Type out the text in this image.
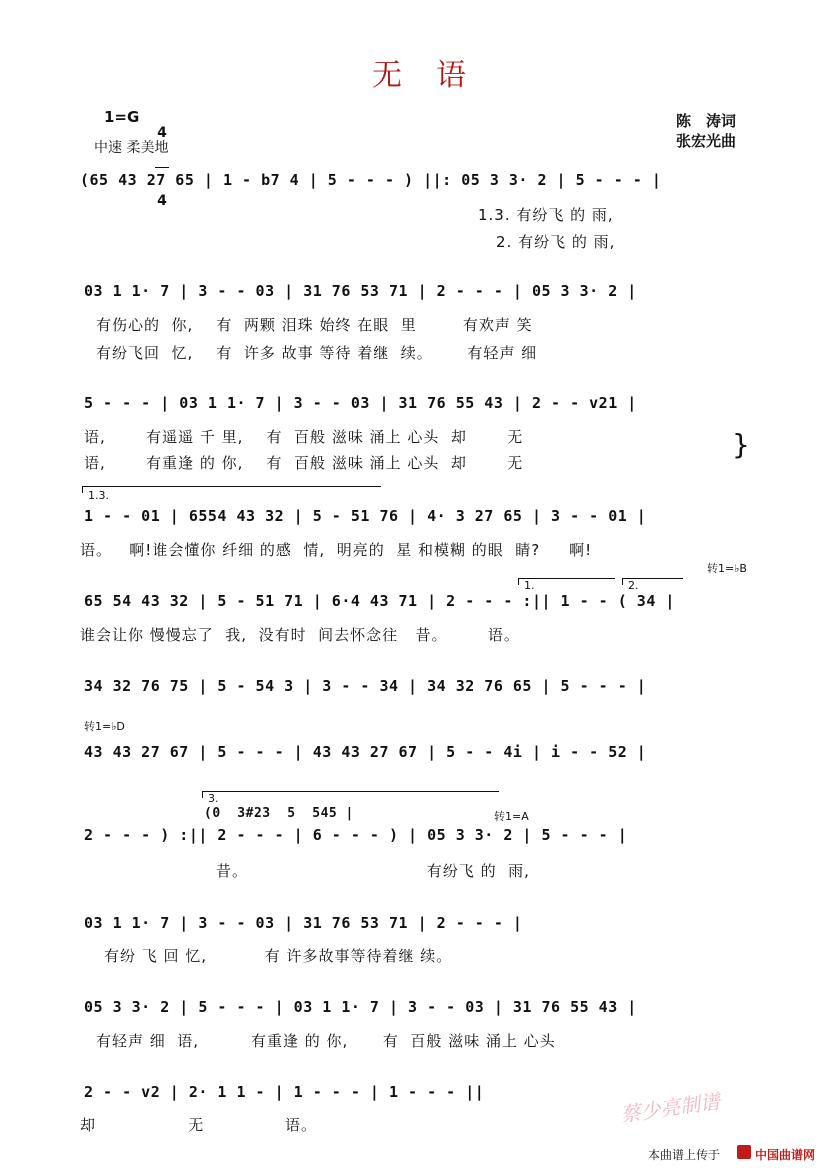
无　语
1=G

4

4

中速 柔美地
陈　涛词
张宏光曲
(65 43 27 65 | 1 - b7 4 | 5 - - - ) ||: 05 3 3· 2 | 5 - - - |
1.3. 有纷飞 的 雨,
2. 有纷飞 的 雨,
03 1 1· 7 | 3 - - 03 | 31 76 53 71 | 2 - - - | 05 3 3· 2 |
有伤心的  你,    有  两颗 泪珠 始终 在眼  里        有欢声 笑
有纷飞回  忆,    有  许多 故事 等待 着继  续。      有轻声 细
5 - - - | 03 1 1· 7 | 3 - - 03 | 31 76 55 43 | 2 - - v21 |
语,       有遥遥 千 里,    有  百般 滋味 涌上 心头  却       无
语,       有重逢 的 你,    有  百般 滋味 涌上 心头  却       无
}
1.3.
1 - - 01 | 6554 43 32 | 5 - 51 76 | 4· 3 27 65 | 3 - - 01 |
语。   啊!谁会懂你 纤细 的感  情,  明亮的  星 和模糊 的眼  睛?     啊!
转1=♭B
1.	2.
65 54 43 32 | 5 - 51 71 | 6·4 43 71 | 2 - - - :|| 1 - - ( 34 |
谁会让你 慢慢忘了  我,  没有时  间去怀念往   昔。       语。
34 32 76 75 | 5 - 54 3 | 3 - - 34 | 34 32 76 65 | 5 - - - |
转1=♭D
43 43 27 67 | 5 - - - | 43 43 27 67 | 5 - - 4i | i - - 52 |
3.
(0  3#23  5  545 |	转1=A
2 - - - ) :|| 2 - - - | 6 - - - ) | 05 3 3· 2 | 5 - - - |
昔。                               有纷飞 的  雨,
03 1 1· 7 | 3 - - 03 | 31 76 53 71 | 2 - - - |
有纷 飞 回 忆,          有 许多故事等待着继 续。
05 3 3· 2 | 5 - - - | 03 1 1· 7 | 3 - - 03 | 31 76 55 43 |
有轻声 细  语,         有重逢 的 你,      有  百般 滋味 涌上 心头
2 - - v2 | 2· 1 1 - | 1 - - - | 1 - - - ||
却                无              语。	蔡少亮制谱
本曲谱上传于	中国曲谱网
